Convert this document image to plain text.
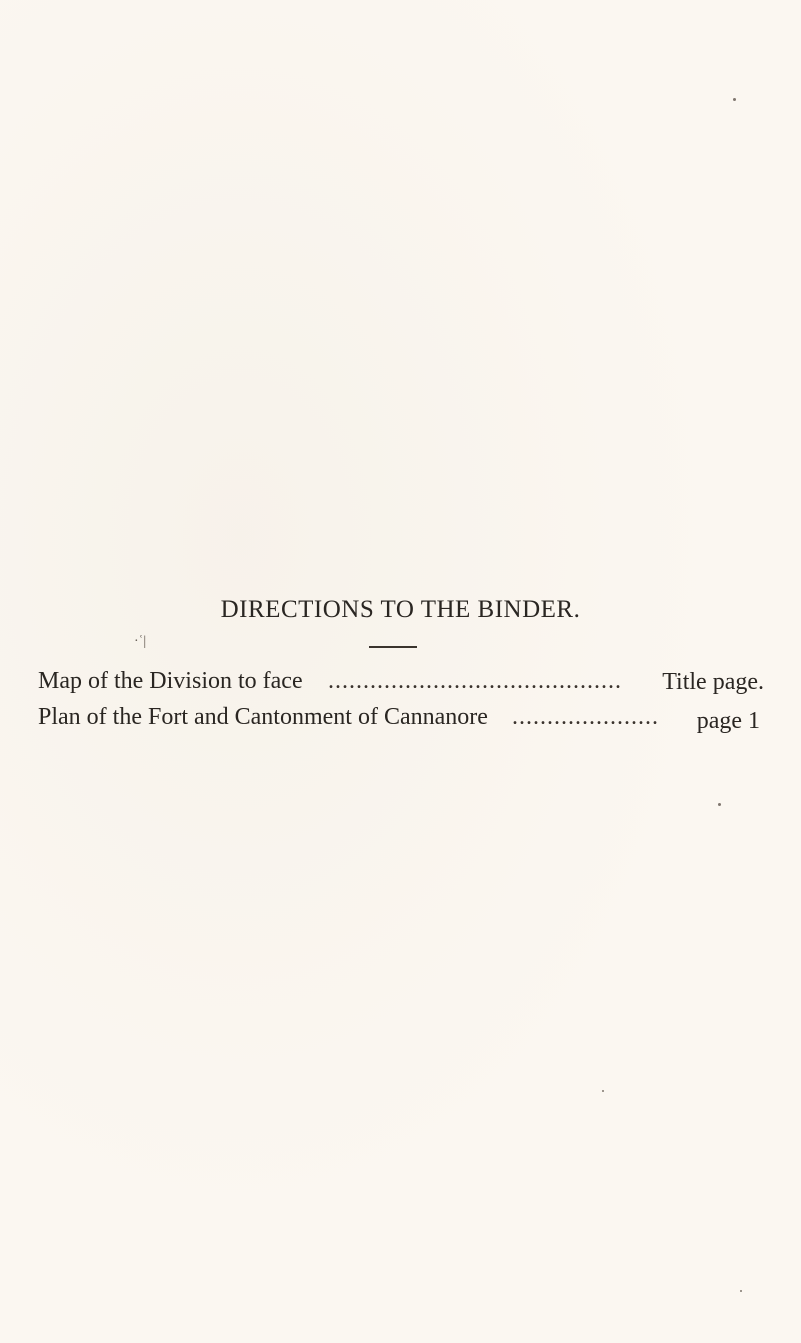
DIRECTIONS TO THE BINDER.
·ʿ|
Map of the Division to face .......................................... Title page.
Plan of the Fort and Cantonment of Cannanore ..................... page 1
